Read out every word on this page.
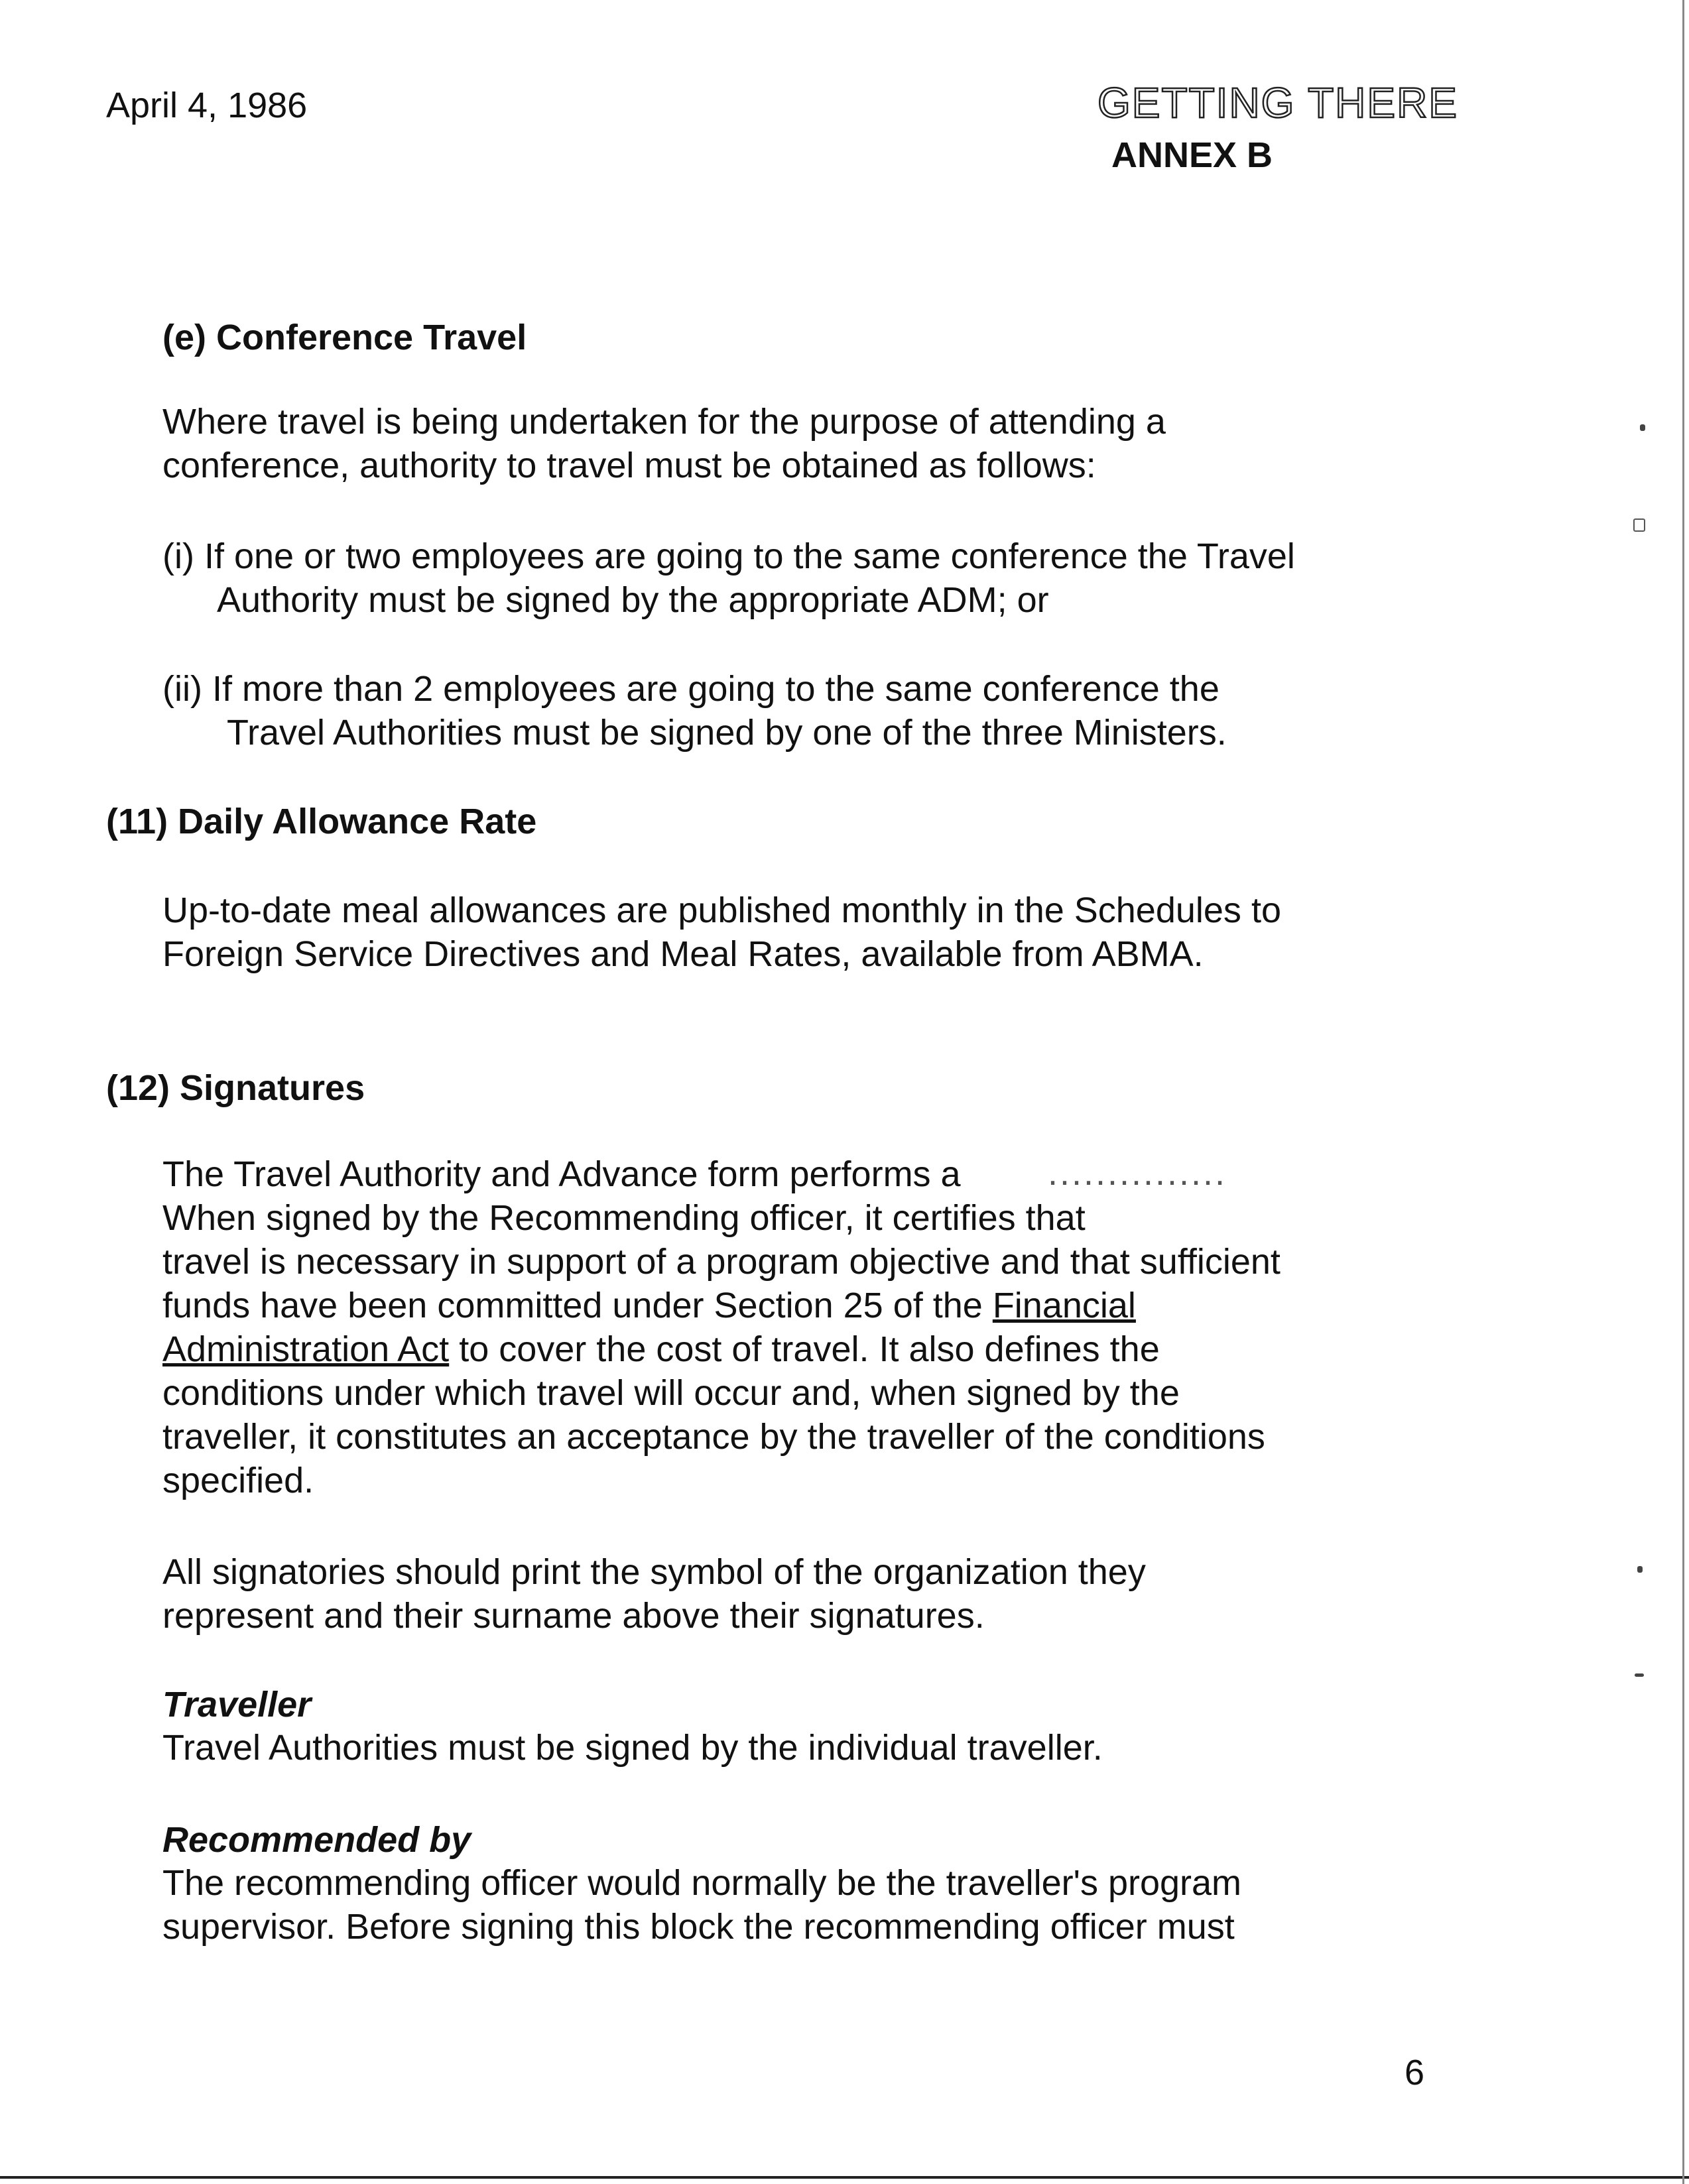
April 4, 1986	GETTING THERE

ANNEX B

(e) Conference Travel

Where travel is being undertaken for the purpose of attending a

conference, authority to travel must be obtained as follows:

(i) If one or two employees are going to the same conference the Travel

Authority must be signed by the appropriate ADM; or

(ii) If more than 2 employees are going to the same conference the

Travel Authorities must be signed by one of the three Ministers.

(11) Daily Allowance Rate

Up-to-date meal allowances are published monthly in the Schedules to

Foreign Service Directives and Meal Rates, available from ABMA.

(12) Signatures

The Travel Authority and Advance form performs a ...............

When signed by the Recommending officer, it certifies that

travel is necessary in support of a program objective and that sufficient

funds have been committed under Section 25 of the Financial

Administration Act to cover the cost of travel. It also defines the

conditions under which travel will occur and, when signed by the

traveller, it constitutes an acceptance by the traveller of the conditions

specified.

All signatories should print the symbol of the organization they

represent and their surname above their signatures.

Traveller

Travel Authorities must be signed by the individual traveller.

Recommended by

The recommending officer would normally be the traveller's program

supervisor. Before signing this block the recommending officer must

6
